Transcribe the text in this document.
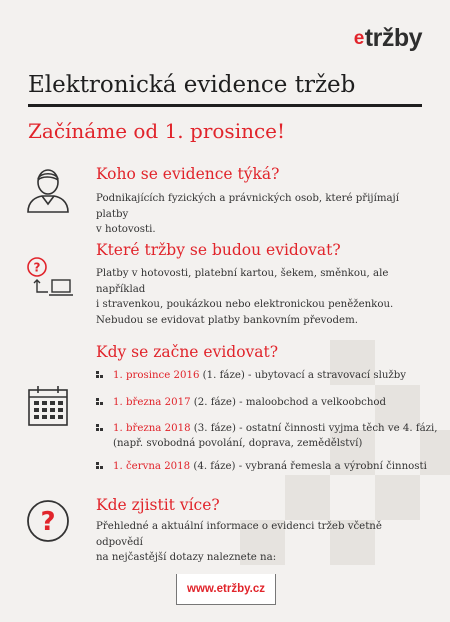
e tržby
Elektronická evidence tržeb
Začínáme od 1. prosince!
Koho se evidence týká?
Podnikajících fyzických a právnických osob, které přijímají platby
v hotovosti.
?
Které tržby se budou evidovat?
Platby v hotovosti, platební kartou, šekem, směnkou, ale například
i stravenkou, poukázkou nebo elektronickou peněženkou.
Nebudou se evidovat platby bankovním převodem.
Kdy se začne evidovat?
1. prosince 2016 (1. fáze) - ubytovací a stravovací služby
1. března 2017 (2. fáze) - maloobchod a velkoobchod
1. března 2018 (3. fáze) - ostatní činnosti vyjma těch ve 4. fázi,
(např. svobodná povolání, doprava, zemědělství)
1. června 2018 (4. fáze) - vybraná řemesla a výrobní činnosti
?
Kde zjistit více?
Přehledné a aktuální informace o evidenci tržeb včetně odpovědí
na nejčastější dotazy naleznete na:
www.etržby.cz
